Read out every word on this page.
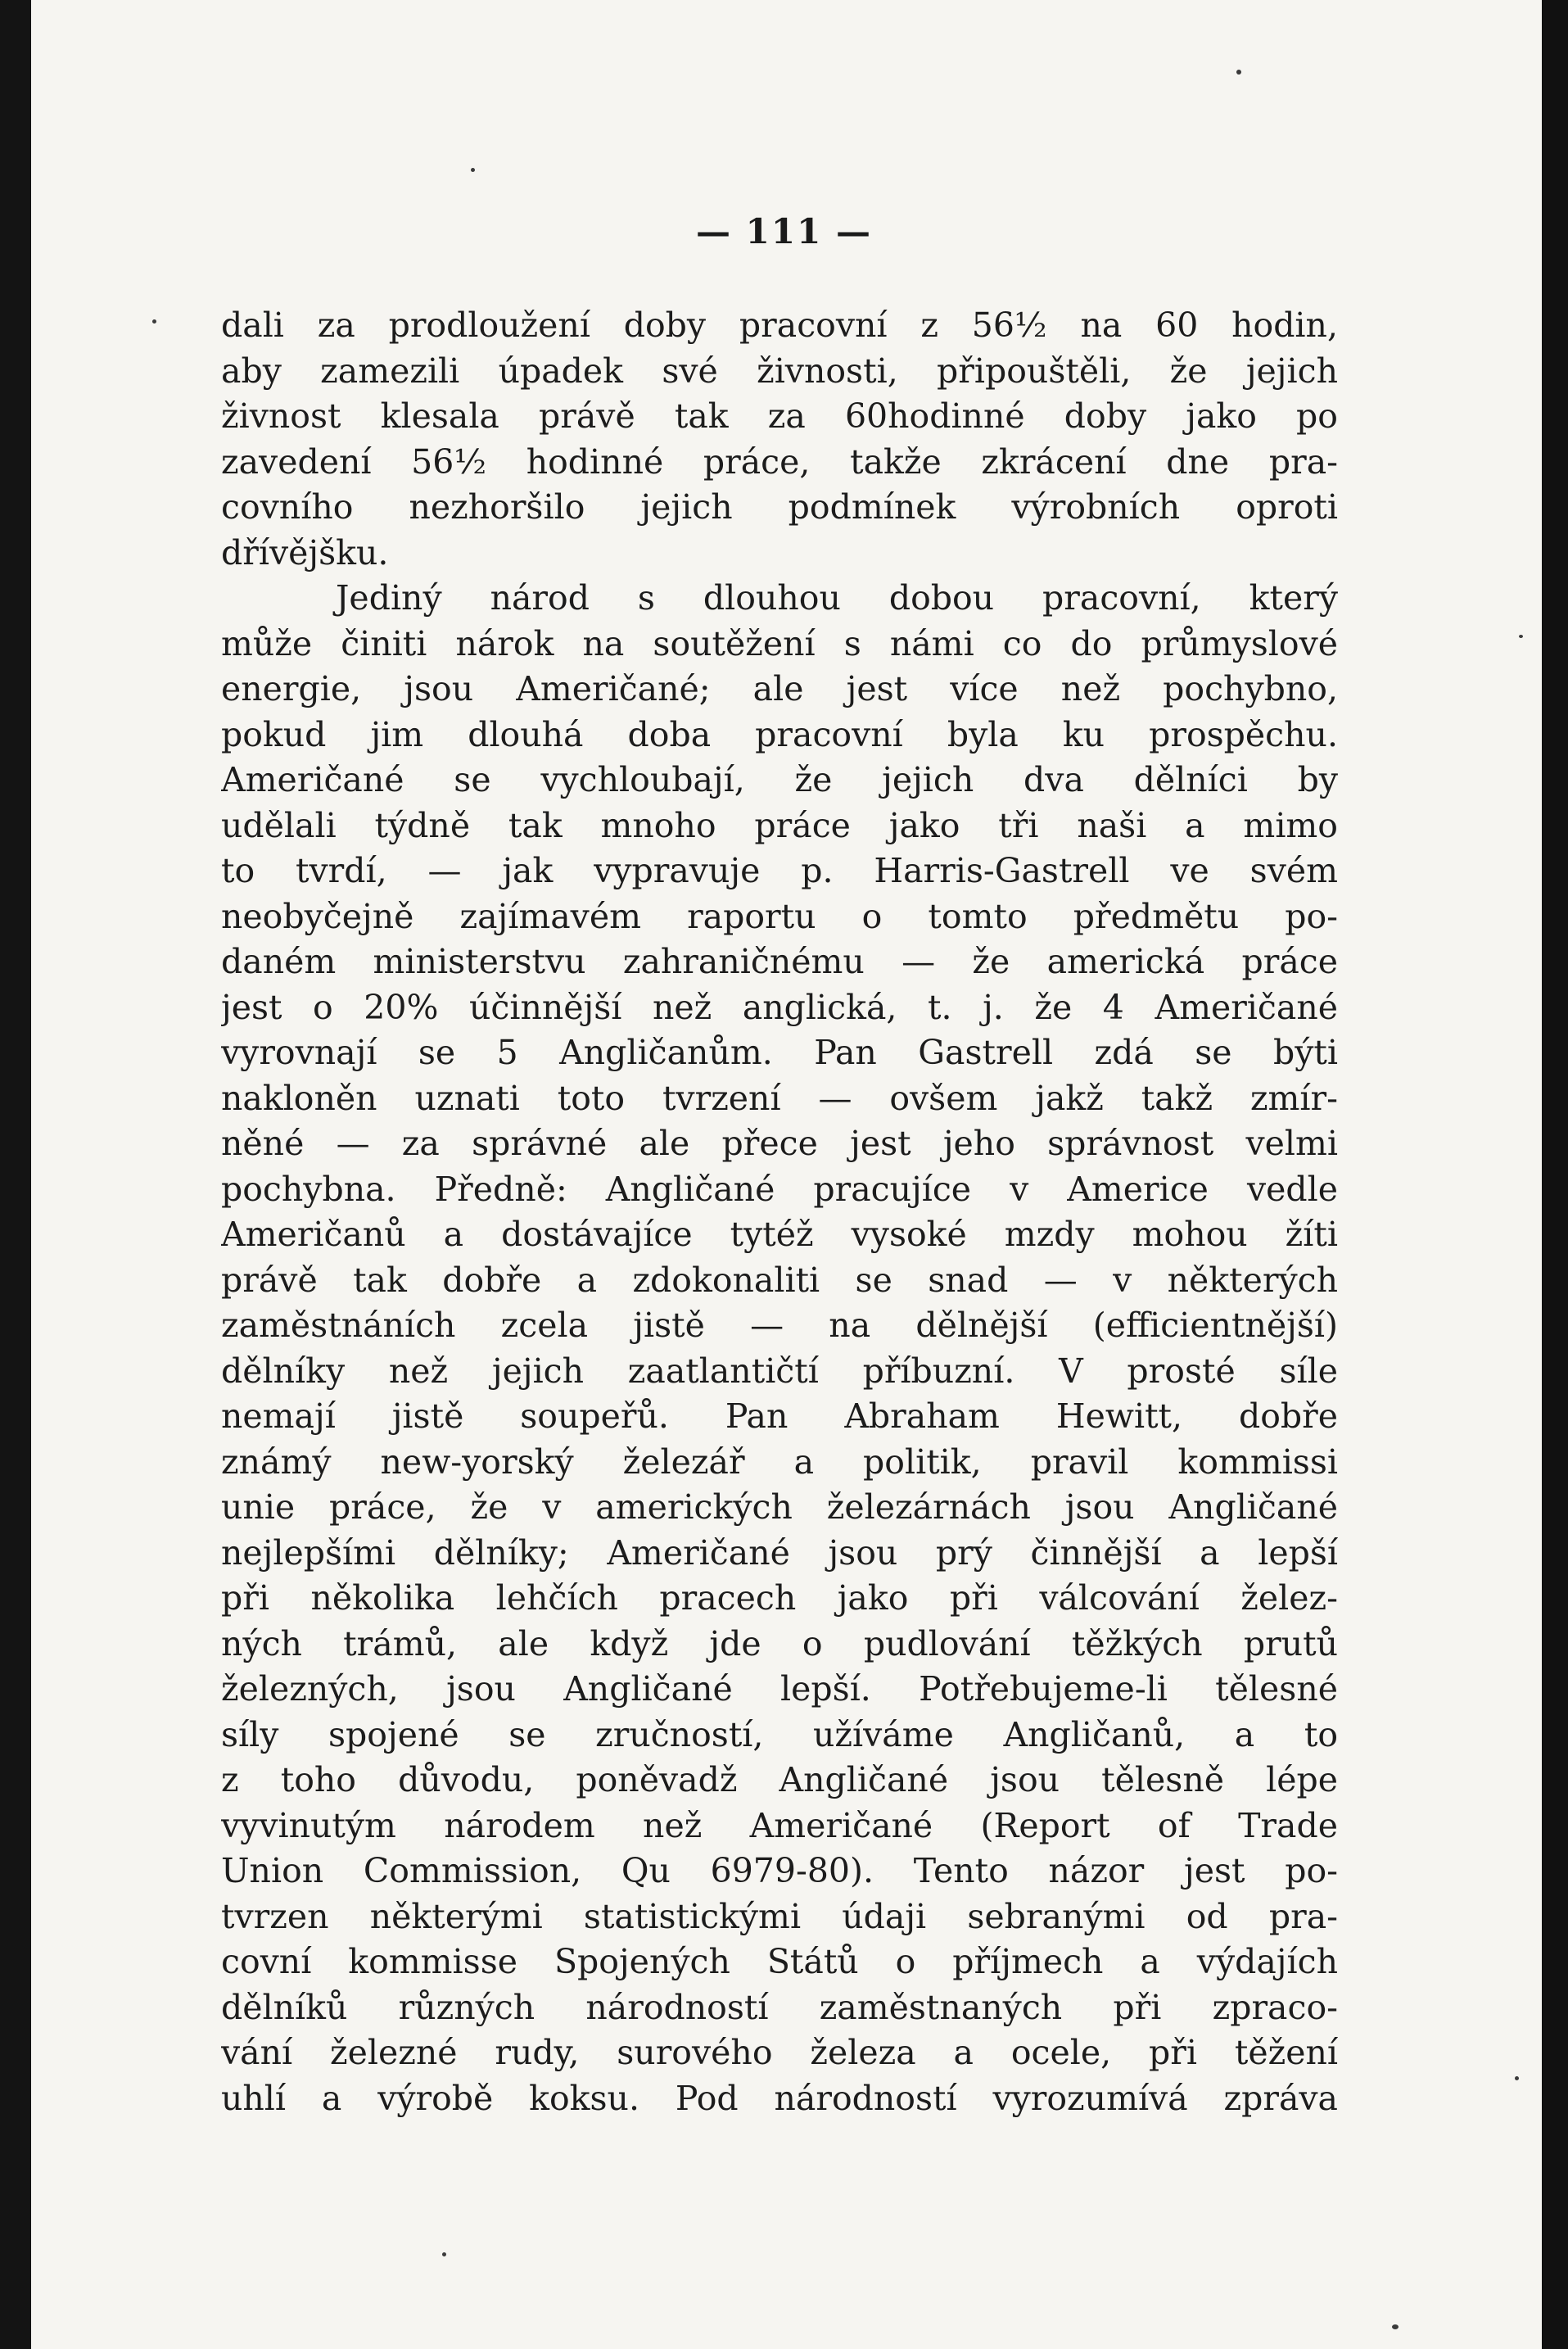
— 111 —
dali za prodloužení doby pracovní z 56½ na 60 hodin,
aby zamezili úpadek své živnosti, připouštěli, že jejich
živnost klesala právě tak za 60hodinné doby jako po
zavedení 56½ hodinné práce, takže zkrácení dne pra-
covního nezhoršilo jejich podmínek výrobních oproti
dřívějšku.
Jediný národ s dlouhou dobou pracovní, který
může činiti nárok na soutěžení s námi co do průmyslové
energie, jsou Američané; ale jest více než pochybno,
pokud jim dlouhá doba pracovní byla ku prospěchu.
Američané se vychloubají, že jejich dva dělníci by
udělali týdně tak mnoho práce jako tři naši a mimo
to tvrdí, — jak vypravuje p. Harris-Gastrell ve svém
neobyčejně zajímavém raportu o tomto předmětu po-
daném ministerstvu zahraničnému — že americká práce
jest o 20% účinnější než anglická, t. j. že 4 Američané
vyrovnají se 5 Angličanům. Pan Gastrell zdá se býti
nakloněn uznati toto tvrzení — ovšem jakž takž zmír-
něné — za správné ale přece jest jeho správnost velmi
pochybna. Předně: Angličané pracujíce v Americe vedle
Američanů a dostávajíce tytéž vysoké mzdy mohou žíti
právě tak dobře a zdokonaliti se snad — v některých
zaměstnáních zcela jistě — na dělnější (efficientnější)
dělníky než jejich zaatlantičtí příbuzní. V prosté síle
nemají jistě soupeřů. Pan Abraham Hewitt, dobře
známý new-yorský železář a politik, pravil kommissi
unie práce, že v amerických železárnách jsou Angličané
nejlepšími dělníky; Američané jsou prý činnější a lepší
při několika lehčích pracech jako při válcování želez-
ných trámů, ale když jde o pudlování těžkých prutů
železných, jsou Angličané lepší. Potřebujeme-li tělesné
síly spojené se zručností, užíváme Angličanů, a to
z toho důvodu, poněvadž Angličané jsou tělesně lépe
vyvinutým národem než Američané (Report of Trade
Union Commission, Qu 6979-80). Tento názor jest po-
tvrzen některými statistickými údaji sebranými od pra-
covní kommisse Spojených Států o příjmech a výdajích
dělníků různých národností zaměstnaných při zpraco-
vání železné rudy, surového železa a ocele, při těžení
uhlí a výrobě koksu. Pod národností vyrozumívá zpráva
